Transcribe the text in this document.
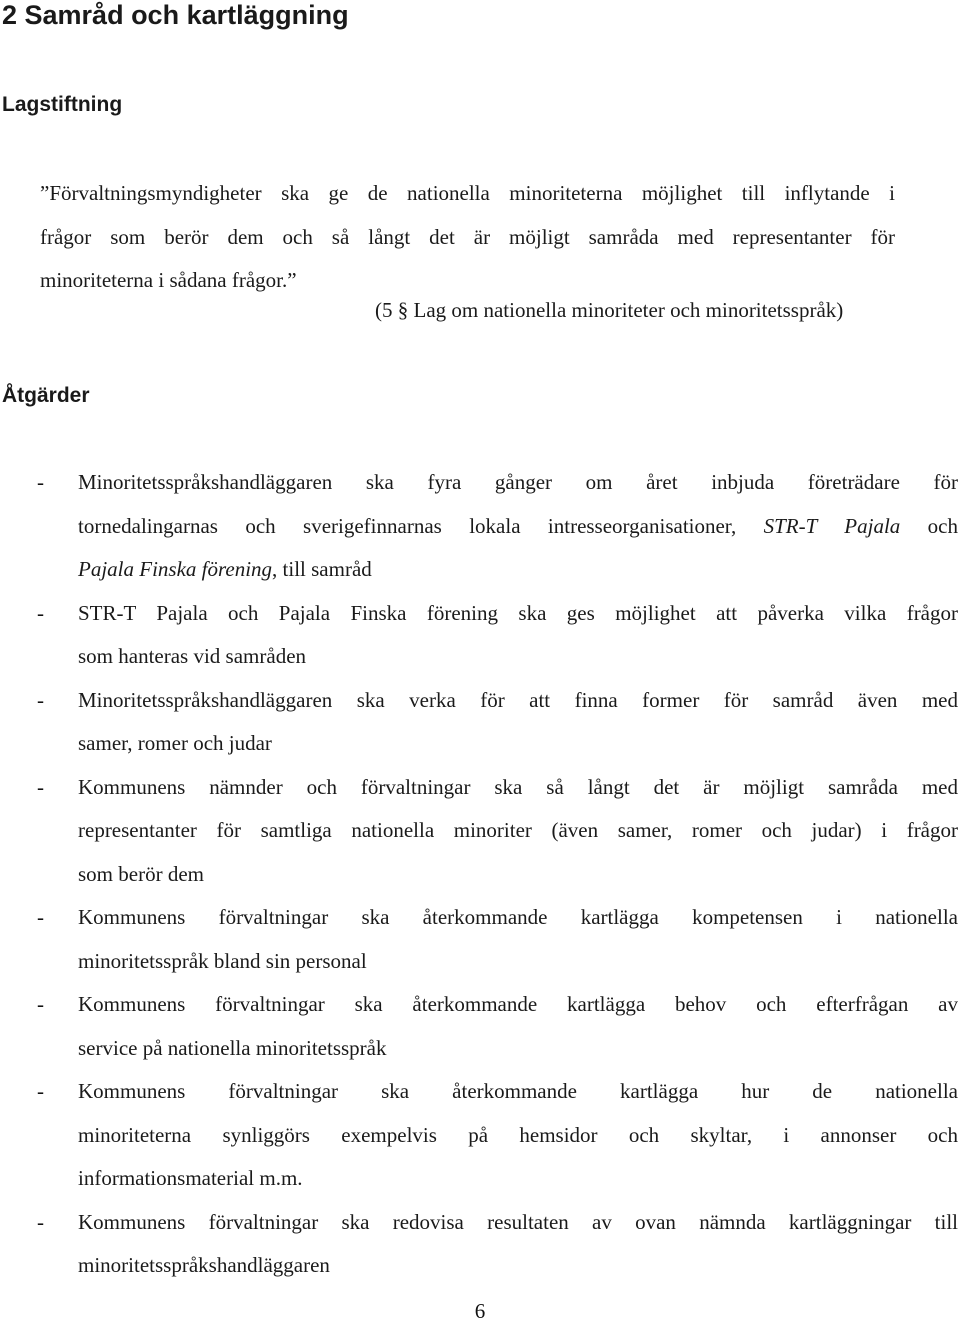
2 Samråd och kartläggning
Lagstiftning
”Förvaltningsmyndigheter ska ge de nationella minoriteterna möjlighet till inflytande i
frågor som berör dem och så långt det är möjligt samråda med representanter för
minoriteterna i sådana frågor.”
(5 § Lag om nationella minoriteter och minoritetsspråk)
Åtgärder
- Minoritetsspråkshandläggaren ska fyra gånger om året inbjuda företrädare för
tornedalingarnas och sverigefinnarnas lokala intresseorganisationer, STR-T Pajala och
Pajala Finska förening, till samråd
- STR-T Pajala och Pajala Finska förening ska ges möjlighet att påverka vilka frågor
som hanteras vid samråden
- Minoritetsspråkshandläggaren ska verka för att finna former för samråd även med
samer, romer och judar
- Kommunens nämnder och förvaltningar ska så långt det är möjligt samråda med
representanter för samtliga nationella minoriter (även samer, romer och judar) i frågor
som berör dem
- Kommunens förvaltningar ska återkommande kartlägga kompetensen i nationella
minoritetsspråk bland sin personal
- Kommunens förvaltningar ska återkommande kartlägga behov och efterfrågan av
service på nationella minoritetsspråk
- Kommunens förvaltningar ska återkommande kartlägga hur de nationella
minoriteterna synliggörs exempelvis på hemsidor och skyltar, i annonser och
informationsmaterial m.m.
- Kommunens förvaltningar ska redovisa resultaten av ovan nämnda kartläggningar till
minoritetsspråkshandläggaren
6
